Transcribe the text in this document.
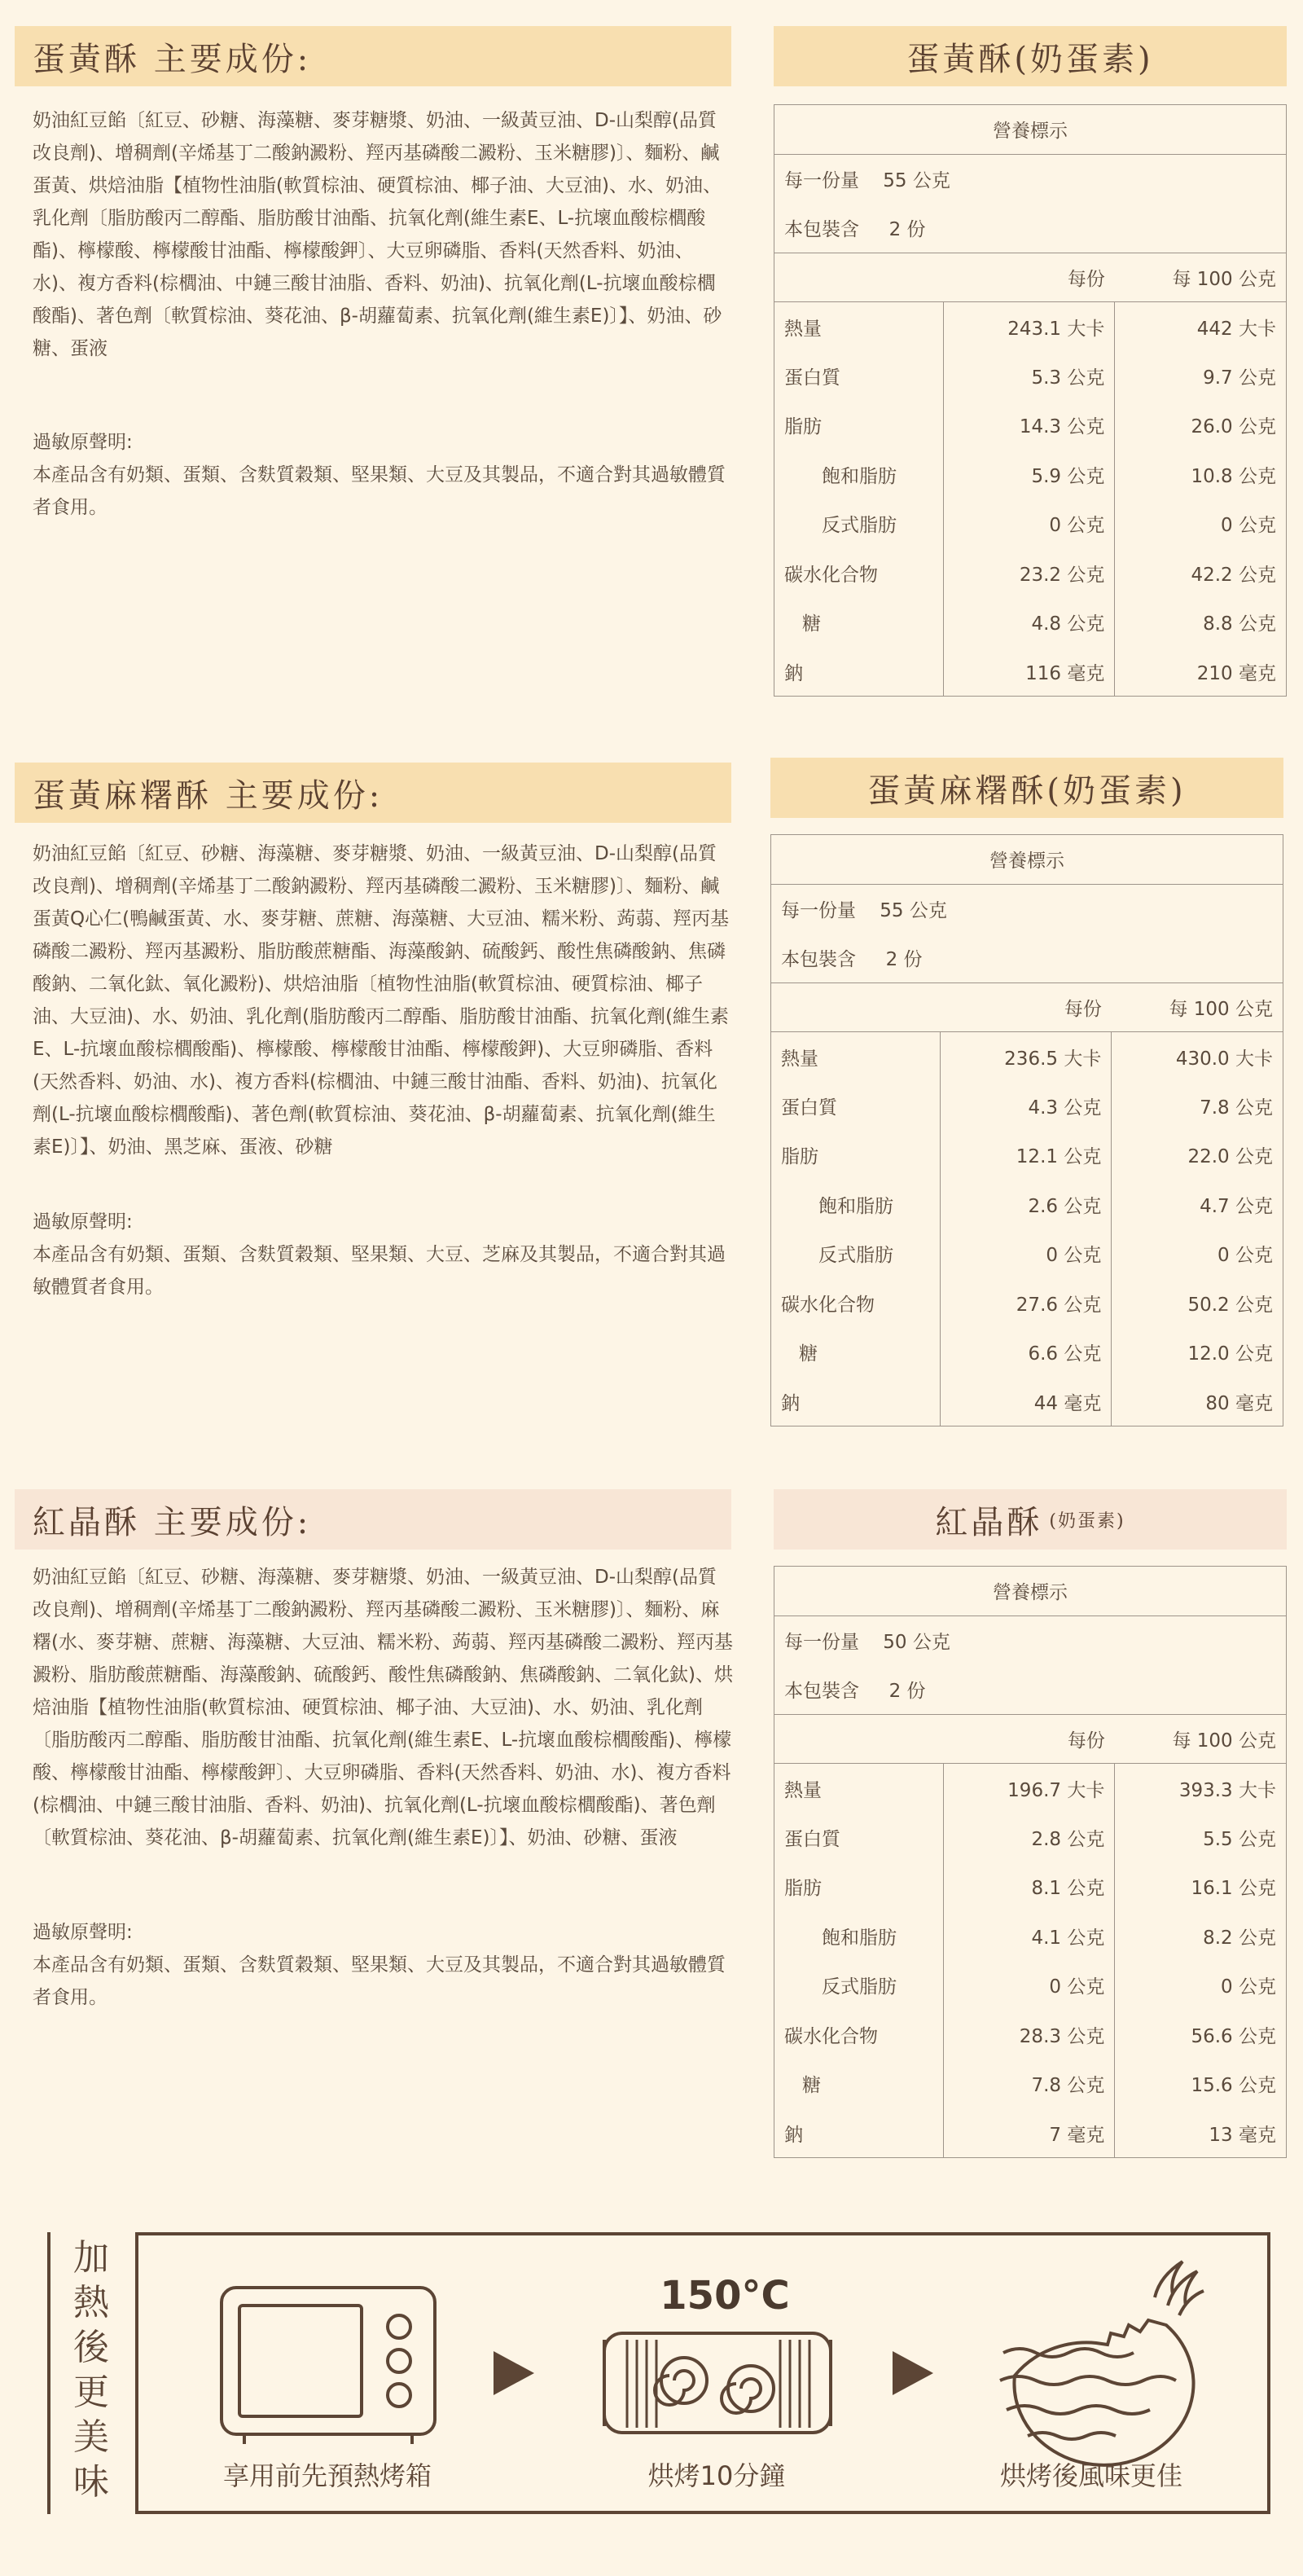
蛋黃酥 主要成份:
奶油紅豆餡〔紅豆、砂糖、海藻糖、麥芽糖漿、奶油、一級黃豆油、D-山梨醇(品質改良劑)、增稠劑(辛烯基丁二酸鈉澱粉、羥丙基磷酸二澱粉、玉米糖膠)〕、麵粉、鹹蛋黃、烘焙油脂【植物性油脂(軟質棕油、硬質棕油、椰子油、大豆油)、水、奶油、乳化劑〔脂肪酸丙二醇酯、脂肪酸甘油酯、抗氧化劑(維生素E、L-抗壞血酸棕櫚酸酯)、檸檬酸、檸檬酸甘油酯、檸檬酸鉀〕、大豆卵磷脂、香料(天然香料、奶油、水)、複方香料(棕櫚油、中鏈三酸甘油脂、香料、奶油)、抗氧化劑(L-抗壞血酸棕櫚酸酯)、著色劑〔軟質棕油、葵花油、β-胡蘿蔔素、抗氧化劑(維生素E)〕】、奶油、砂糖、蛋液
過敏原聲明:
本產品含有奶類、蛋類、含麩質穀類、堅果類、大豆及其製品，不適合對其過敏體質者食用。
蛋黃酥 (奶蛋素)
營養標示		
每一份量 55 公克		
本包裝含 2 份		
每份		每 100 公克
熱量	243.1 大卡	442 大卡
蛋白質	5.3 公克	9.7 公克
脂肪	14.3 公克	26.0 公克
飽和脂肪	5.9 公克	10.8 公克
反式脂肪	0 公克	0 公克
碳水化合物	23.2 公克	42.2 公克
糖	4.8 公克	8.8 公克
鈉	116 毫克	210 毫克
蛋黃麻糬酥 主要成份:
奶油紅豆餡〔紅豆、砂糖、海藻糖、麥芽糖漿、奶油、一級黃豆油、D-山梨醇(品質改良劑)、增稠劑(辛烯基丁二酸鈉澱粉、羥丙基磷酸二澱粉、玉米糖膠)〕、麵粉、鹹蛋黃Q心仁(鴨鹹蛋黃、水、麥芽糖、蔗糖、海藻糖、大豆油、糯米粉、蒟蒻、羥丙基磷酸二澱粉、羥丙基澱粉、脂肪酸蔗糖酯、海藻酸鈉、硫酸鈣、酸性焦磷酸鈉、焦磷酸鈉、二氧化鈦、氧化澱粉)、烘焙油脂〔植物性油脂(軟質棕油、硬質棕油、椰子油、大豆油)、水、奶油、乳化劑(脂肪酸丙二醇酯、脂肪酸甘油酯、抗氧化劑(維生素E、L-抗壞血酸棕櫚酸酯)、檸檬酸、檸檬酸甘油酯、檸檬酸鉀)、大豆卵磷脂、香料(天然香料、奶油、水)、複方香料(棕櫚油、中鏈三酸甘油酯、香料、奶油)、抗氧化劑(L-抗壞血酸棕櫚酸酯)、著色劑(軟質棕油、葵花油、β-胡蘿蔔素、抗氧化劑(維生素E)〕】、奶油、黑芝麻、蛋液、砂糖
過敏原聲明:
本產品含有奶類、蛋類、含麩質穀類、堅果類、大豆、芝麻及其製品，不適合對其過敏體質者食用。
蛋黃麻糬酥 (奶蛋素)
營養標示		
每一份量 55 公克		
本包裝含 2 份		
每份		每 100 公克
熱量	236.5 大卡	430.0 大卡
蛋白質	4.3 公克	7.8 公克
脂肪	12.1 公克	22.0 公克
飽和脂肪	2.6 公克	4.7 公克
反式脂肪	0 公克	0 公克
碳水化合物	27.6 公克	50.2 公克
糖	6.6 公克	12.0 公克
鈉	44 毫克	80 毫克
紅晶酥 主要成份:
奶油紅豆餡〔紅豆、砂糖、海藻糖、麥芽糖漿、奶油、一級黃豆油、D-山梨醇(品質改良劑)、增稠劑(辛烯基丁二酸鈉澱粉、羥丙基磷酸二澱粉、玉米糖膠)〕、麵粉、麻糬(水、麥芽糖、蔗糖、海藻糖、大豆油、糯米粉、蒟蒻、羥丙基磷酸二澱粉、羥丙基澱粉、脂肪酸蔗糖酯、海藻酸鈉、硫酸鈣、酸性焦磷酸鈉、焦磷酸鈉、二氧化鈦)、烘焙油脂【植物性油脂(軟質棕油、硬質棕油、椰子油、大豆油)、水、奶油、乳化劑〔脂肪酸丙二醇酯、脂肪酸甘油酯、抗氧化劑(維生素E、L-抗壞血酸棕櫚酸酯)、檸檬酸、檸檬酸甘油酯、檸檬酸鉀〕、大豆卵磷脂、香料(天然香料、奶油、水)、複方香料(棕櫚油、中鏈三酸甘油脂、香料、奶油)、抗氧化劑(L-抗壞血酸棕櫚酸酯)、著色劑〔軟質棕油、葵花油、β-胡蘿蔔素、抗氧化劑(維生素E)〕】、奶油、砂糖、蛋液
過敏原聲明:
本產品含有奶類、蛋類、含麩質穀類、堅果類、大豆及其製品，不適合對其過敏體質者食用。
紅晶酥 (奶蛋素)
營養標示		
每一份量 50 公克		
本包裝含 2 份		
每份		每 100 公克
熱量	196.7 大卡	393.3 大卡
蛋白質	2.8 公克	5.5 公克
脂肪	8.1 公克	16.1 公克
飽和脂肪	4.1 公克	8.2 公克
反式脂肪	0 公克	0 公克
碳水化合物	28.3 公克	56.6 公克
糖	7.8 公克	15.6 公克
鈉	7 毫克	13 毫克
加熱後更美味
150°C
享用前先預熱烤箱	烘烤10分鐘	烘烤後風味更佳
